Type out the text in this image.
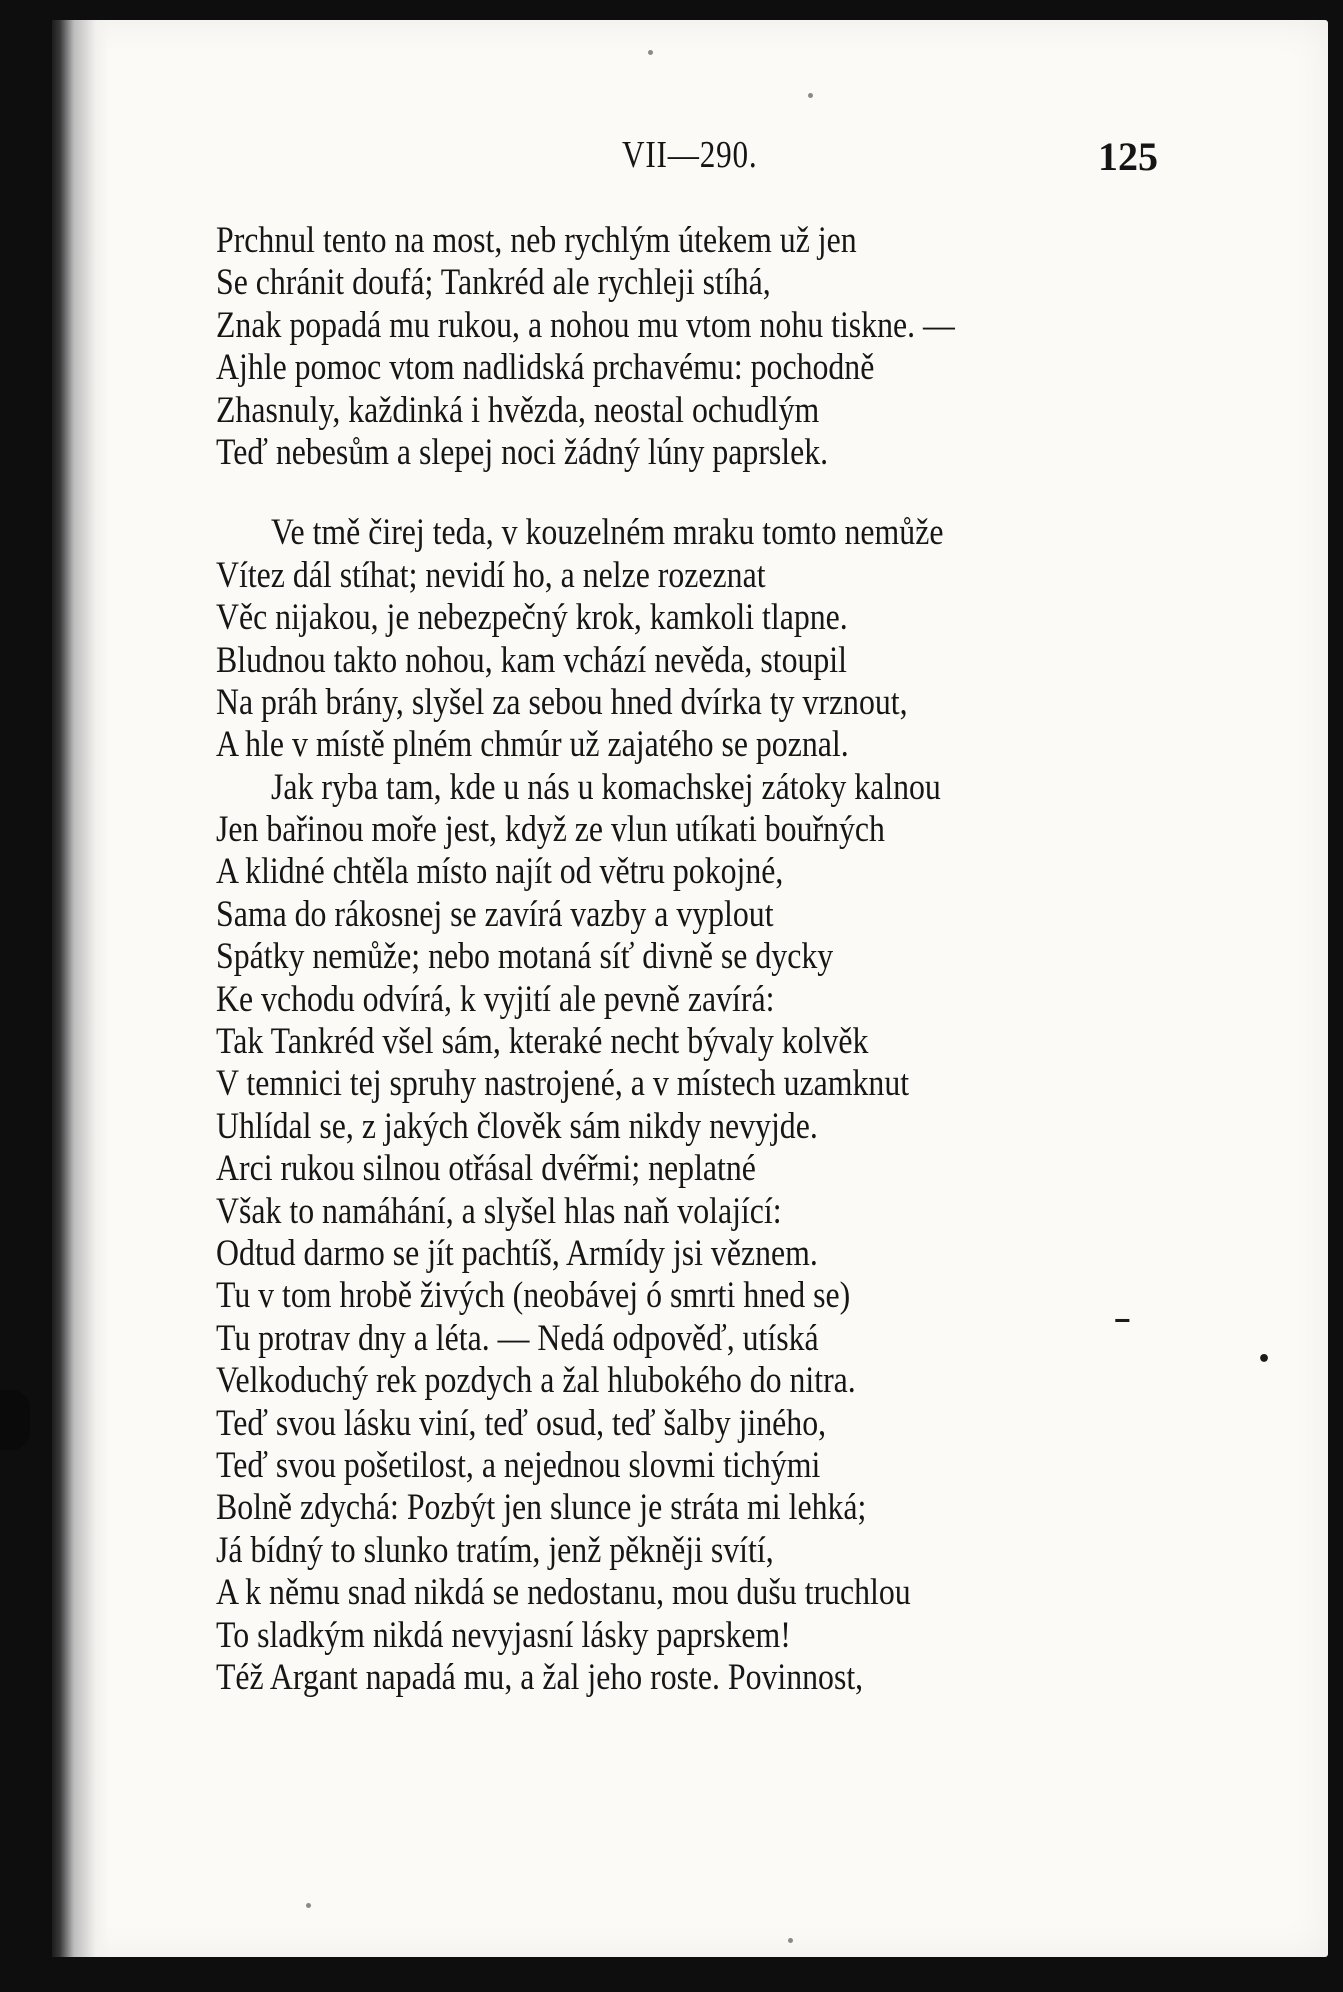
VII—290.	125
Prchnul tento na most, neb rychlým útekem už jen
Se chránit doufá; Tankréd ale rychleji stíhá,
Znak popadá mu rukou, a nohou mu vtom nohu tiskne. —
Ajhle pomoc vtom nadlidská prchavému: pochodně
Zhasnuly, každinká i hvězda, neostal ochudlým
Teď nebesům a slepej noci žádný lúny paprslek.
Ve tmě čirej teda, v kouzelném mraku tomto nemůže
Vítez dál stíhat; nevidí ho, a nelze rozeznat
Věc nijakou, je nebezpečný krok, kamkoli tlapne.
Bludnou takto nohou, kam vchází nevěda, stoupil
Na práh brány, slyšel za sebou hned dvírka ty vrznout,
A hle v místě plném chmúr už zajatého se poznal.
Jak ryba tam, kde u nás u komachskej zátoky kalnou
Jen bařinou moře jest, když ze vlun utíkati bouřných
A klidné chtěla místo najít od větru pokojné,
Sama do rákosnej se zavírá vazby a vyplout
Spátky nemůže; nebo motaná síť divně se dycky
Ke vchodu odvírá, k vyjití ale pevně zavírá:
Tak Tankréd všel sám, kteraké necht bývaly kolvěk
V temnici tej spruhy nastrojené, a v místech uzamknut
Uhlídal se, z jakých člověk sám nikdy nevyjde.
Arci rukou silnou otřásal dvéřmi; neplatné
Však to namáhání, a slyšel hlas naň volající:
Odtud darmo se jít pachtíš, Armídy jsi věznem.
Tu v tom hrobě živých (neobávej ó smrti hned se)
Tu protrav dny a léta. — Nedá odpověď, utíská
Velkoduchý rek pozdych a žal hlubokého do nitra.
Teď svou lásku viní, teď osud, teď šalby jiného,
Teď svou pošetilost, a nejednou slovmi tichými
Bolně zdychá: Pozbýt jen slunce je stráta mi lehká;
Já bídný to slunko tratím, jenž pěkněji svítí,
A k němu snad nikdá se nedostanu, mou dušu truchlou
To sladkým nikdá nevyjasní lásky paprskem!
Též Argant napadá mu, a žal jeho roste. Povinnost,
‒
•
